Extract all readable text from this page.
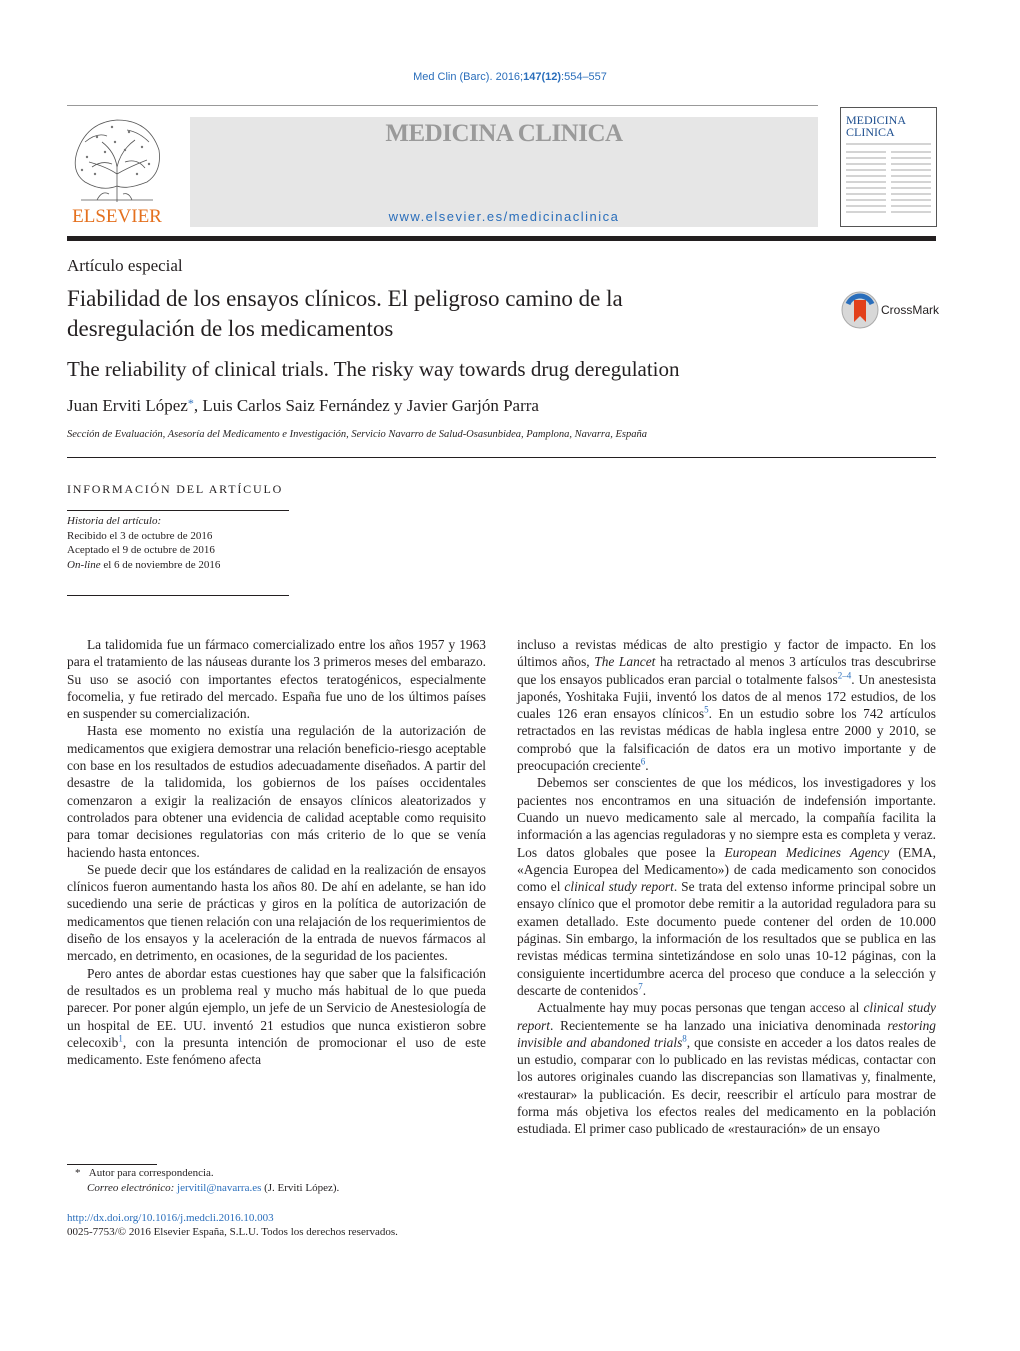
Med Clin (Barc). 2016;147(12):554–557
ELSEVIER
MEDICINA CLINICA
www.elsevier.es/medicinaclinica
MEDICINA
CLINICA
Artículo especial
Fiabilidad de los ensayos clínicos. El peligroso camino de la
desregulación de los medicamentos
CrossMark
The reliability of clinical trials. The risky way towards drug deregulation
Juan Erviti López*, Luis Carlos Saiz Fernández y Javier Garjón Parra
Sección de Evaluación, Asesoría del Medicamento e Investigación, Servicio Navarro de Salud-Osasunbidea, Pamplona, Navarra, España
INFORMACIÓN DEL ARTÍCULO
Historia del artículo:
Recibido el 3 de octubre de 2016
Aceptado el 9 de octubre de 2016
On-line el 6 de noviembre de 2016

La talidomida fue un fármaco comercializado entre los años 1957 y 1963 para el tratamiento de las náuseas durante los 3 primeros meses del embarazo. Su uso se asoció con importantes efectos teratogénicos, especialmente focomelia, y fue retirado del mercado. España fue uno de los últimos países en suspender su comercialización.

Hasta ese momento no existía una regulación de la autorización de medicamentos que exigiera demostrar una relación beneficio-riesgo aceptable con base en los resultados de estudios adecuadamente diseñados. A partir del desastre de la talidomida, los gobiernos de los países occidentales comenzaron a exigir la realización de ensayos clínicos aleatorizados y controlados para obtener una evidencia de calidad aceptable como requisito para tomar decisiones regulatorias con más criterio de lo que se venía haciendo hasta entonces.

Se puede decir que los estándares de calidad en la realización de ensayos clínicos fueron aumentando hasta los años 80. De ahí en adelante, se han ido sucediendo una serie de prácticas y giros en la política de autorización de medicamentos que tienen relación con una relajación de los requerimientos de diseño de los ensayos y la aceleración de la entrada de nuevos fármacos al mercado, en detrimento, en ocasiones, de la seguridad de los pacientes.

Pero antes de abordar estas cuestiones hay que saber que la falsificación de resultados es un problema real y mucho más habitual de lo que pueda parecer. Por poner algún ejemplo, un jefe de un Servicio de Anestesiología de un hospital de EE. UU. inventó 21 estudios que nunca existieron sobre celecoxib$^1$, con la presunta intención de promocionar el uso de este medicamento. Este fenómeno afecta

incluso a revistas médicas de alto prestigio y factor de impacto. En los últimos años, The Lancet ha retractado al menos 3 artículos tras descubrirse que los ensayos publicados eran parcial o totalmente falsos$^{2-4}$. Un anestesista japonés, Yoshitaka Fujii, inventó los datos de al menos 172 estudios, de los cuales 126 eran ensayos clínicos$^5$. En un estudio sobre los 742 artículos retractados en las revistas médicas de habla inglesa entre 2000 y 2010, se comprobó que la falsificación de datos era un motivo importante y de preocupación creciente$^6$.

Debemos ser conscientes de que los médicos, los investigadores y los pacientes nos encontramos en una situación de indefensión importante. Cuando un nuevo medicamento sale al mercado, la compañía facilita la información a las agencias reguladoras y no siempre esta es completa y veraz. Los datos globales que posee la European Medicines Agency (EMA, «Agencia Europea del Medicamento») de cada medicamento son conocidos como el clinical study report. Se trata del extenso informe principal sobre un ensayo clínico que el promotor debe remitir a la autoridad reguladora para su examen detallado. Este documento puede contener del orden de 10.000 páginas. Sin embargo, la información de los resultados que se publica en las revistas médicas termina sintetizándose en solo unas 10-12 páginas, con la consiguiente incertidumbre acerca del proceso que conduce a la selección y descarte de contenidos$^7$.

Actualmente hay muy pocas personas que tengan acceso al clinical study report. Recientemente se ha lanzado una iniciativa denominada restoring invisible and abandoned trials$^8$, que consiste en acceder a los datos reales de un estudio, comparar con lo publicado en las revistas médicas, contactar con los autores originales cuando las discrepancias son llamativas y, finalmente, «restaurar» la publicación. Es decir, reescribir el artículo para mostrar de forma más objetiva los efectos reales del medicamento en la población estudiada. El primer caso publicado de «restauración» de un ensayo

* Autor para correspondencia.
Correo electrónico: jervitil@navarra.es (J. Erviti López).
http://dx.doi.org/10.1016/j.medcli.2016.10.003
0025-7753/© 2016 Elsevier España, S.L.U. Todos los derechos reservados.
